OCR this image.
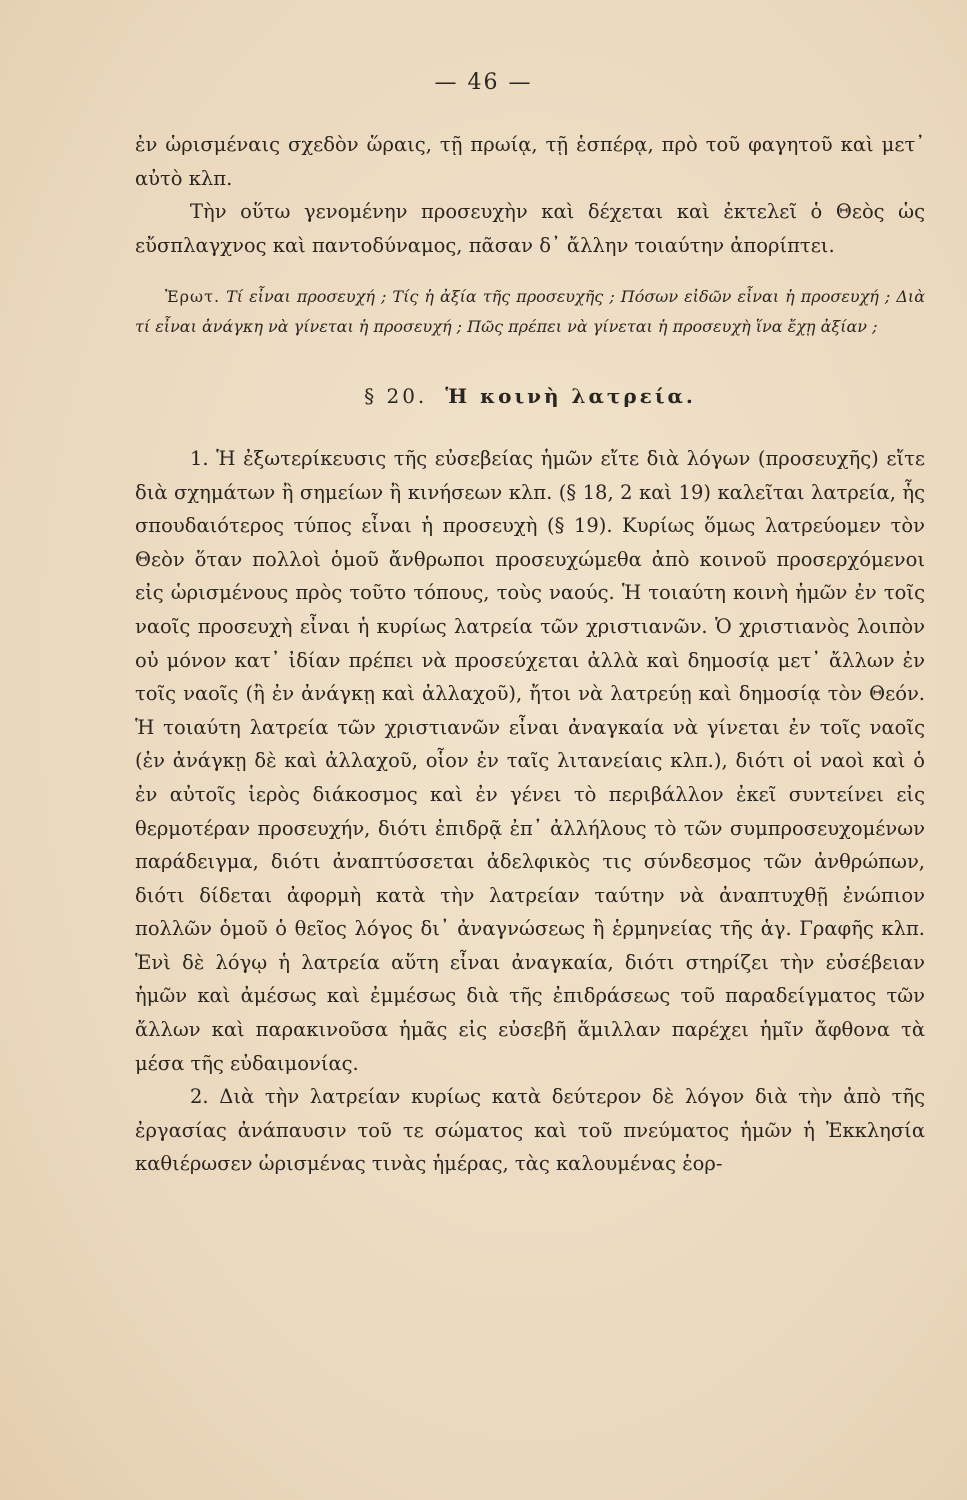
— 46 —

ἐν ὡρισμέναις σχεδὸν ὥραις, τῇ πρωίᾳ, τῇ ἑσπέρᾳ, πρὸ τοῦ φαγητοῦ καὶ μετ᾽ αὐτὸ κλπ.

Τὴν οὕτω γενομένην προσευχὴν καὶ δέχεται καὶ ἐκτελεῖ ὁ Θεὸς ὡς εὔσπλαγχνος καὶ παντοδύναμος, πᾶσαν δ᾽ ἄλλην τοιαύτην ἀπορίπτει.

Ἐρωτ. Τί εἶναι προσευχή ; Τίς ἡ ἀξία τῆς προσευχῆς ; Πόσων εἰδῶν εἶναι ἡ προσευχή ; Διὰ τί εἶναι ἀνάγκη νὰ γίνεται ἡ προσευχή ; Πῶς πρέπει νὰ γίνεται ἡ προσευχὴ ἵνα ἔχῃ ἀξίαν ;

§ 20. Ἡ κοινὴ λατρεία.

1. Ἡ ἐξωτερίκευσις τῆς εὐσεβείας ἡμῶν εἴτε διὰ λόγων (προσευχῆς) εἴτε διὰ σχημάτων ἢ σημείων ἢ κινήσεων κλπ. (§ 18, 2 καὶ 19) καλεῖται λατρεία, ἧς σπουδαιότερος τύπος εἶναι ἡ προσευχὴ (§ 19). Κυρίως ὅμως λατρεύομεν τὸν Θεὸν ὅταν πολλοὶ ὁμοῦ ἄνθρωποι προσευχώμεθα ἀπὸ κοινοῦ προσερχόμενοι εἰς ὡρισμένους πρὸς τοῦτο τόπους, τοὺς ναούς. Ἡ τοιαύτη κοινὴ ἡμῶν ἐν τοῖς ναοῖς προσευχὴ εἶναι ἡ κυρίως λατρεία τῶν χριστιανῶν. Ὁ χριστιανὸς λοιπὸν οὐ μόνον κατ᾽ ἰδίαν πρέπει νὰ προσεύχεται ἀλλὰ καὶ δημοσίᾳ μετ᾽ ἄλλων ἐν τοῖς ναοῖς (ἢ ἐν ἀνάγκῃ καὶ ἀλλαχοῦ), ἤτοι νὰ λατρεύῃ καὶ δημοσίᾳ τὸν Θεόν. Ἡ τοιαύτη λατρεία τῶν χριστιανῶν εἶναι ἀναγκαία νὰ γίνεται ἐν τοῖς ναοῖς (ἐν ἀνάγκῃ δὲ καὶ ἀλλαχοῦ, οἷον ἐν ταῖς λιτανείαις κλπ.), διότι οἱ ναοὶ καὶ ὁ ἐν αὐτοῖς ἱερὸς διάκοσμος καὶ ἐν γένει τὸ περιβάλλον ἐκεῖ συντείνει εἰς θερμοτέραν προσευχήν, διότι ἐπιδρᾷ ἐπ᾽ ἀλλήλους τὸ τῶν συμπροσευχομένων παράδειγμα, διότι ἀναπτύσσεται ἀδελφικὸς τις σύνδεσμος τῶν ἀνθρώπων, διότι δίδεται ἀφορμὴ κατὰ τὴν λατρείαν ταύτην νὰ ἀναπτυχθῇ ἐνώπιον πολλῶν ὁμοῦ ὁ θεῖος λόγος δι᾽ ἀναγνώσεως ἢ ἑρμηνείας τῆς ἁγ. Γραφῆς κλπ. Ἑνὶ δὲ λόγῳ ἡ λατρεία αὕτη εἶναι ἀναγκαία, διότι στηρίζει τὴν εὐσέβειαν ἡμῶν καὶ ἀμέσως καὶ ἐμμέσως διὰ τῆς ἐπιδράσεως τοῦ παραδείγματος τῶν ἄλλων καὶ παρακινοῦσα ἡμᾶς εἰς εὐσεβῆ ἅμιλλαν παρέχει ἡμῖν ἄφθονα τὰ μέσα τῆς εὐδαιμονίας.

2. Διὰ τὴν λατρείαν κυρίως κατὰ δεύτερον δὲ λόγον διὰ τὴν ἀπὸ τῆς ἐργασίας ἀνάπαυσιν τοῦ τε σώματος καὶ τοῦ πνεύματος ἡμῶν ἡ Ἐκκλησία καθιέρωσεν ὡρισμένας τινὰς ἡμέρας, τὰς καλουμένας ἑορ-
